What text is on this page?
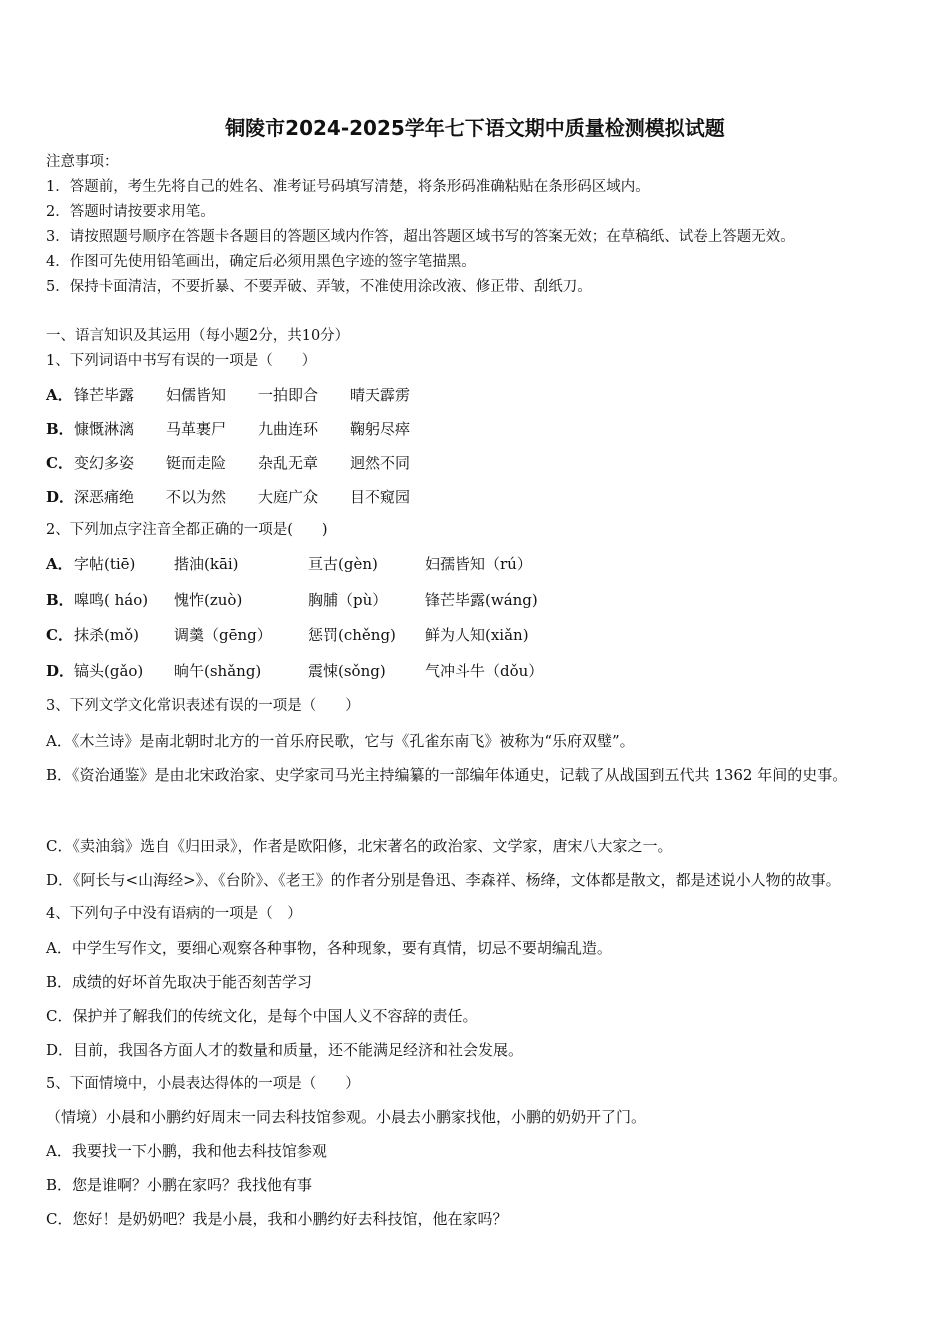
铜陵市2024-2025学年七下语文期中质量检测模拟试题
注意事项：
1．答题前，考生先将自己的姓名、准考证号码填写清楚，将条形码准确粘贴在条形码区域内。
2．答题时请按要求用笔。
3．请按照题号顺序在答题卡各题目的答题区域内作答，超出答题区域书写的答案无效；在草稿纸、试卷上答题无效。
4．作图可先使用铅笔画出，确定后必须用黑色字迹的签字笔描黑。
5．保持卡面清洁，不要折暴、不要弄破、弄皱，不准使用涂改液、修正带、刮纸刀。
一、语言知识及其运用（每小题2分，共10分）
1、下列词语中书写有误的一项是（　　）
A．锋芒毕露 妇儒皆知 一拍即合 晴天霹雳
B．慷慨淋漓 马革裹尸 九曲连环 鞠躬尽瘁
C．变幻多姿 铤而走险 杂乱无章 迥然不同
D．深恶痛绝 不以为然 大庭广众 目不窥园
2、下列加点字注音全都正确的一项是(　　)
A．字帖(tiē)	揩油(kāi)	亘古(gèn)	妇孺皆知（rú）
B．嗥鸣( háo) 愧怍(zuò)	胸脯（pù）	锋芒毕露(wáng)
C．抹杀(mǒ) 调羹（gēng） 惩罚(chěng) 鲜为人知(xiǎn)
D．镐头(gǎo) 晌午(shǎng)	震悚(sǒng)	气冲斗牛（dǒu）
3、下列文学文化常识表述有误的一项是（　　）
A．《木兰诗》是南北朝时北方的一首乐府民歌，它与《孔雀东南飞》被称为“乐府双璧”。
B．《资治通鉴》是由北宋政治家、史学家司马光主持编纂的一部编年体通史，记载了从战国到五代共 1362 年间的史事。
C．《卖油翁》选自《归田录》，作者是欧阳修，北宋著名的政治家、文学家，唐宋八大家之一。
D．《阿长与<山海经>》、《台阶》、《老王》的作者分别是鲁迅、李森祥、杨绛，文体都是散文，都是述说小人物的故事。
4、下列句子中没有语病的一项是（　）
A．中学生写作文，要细心观察各种事物，各种现象，要有真情，切忌不要胡编乱造。
B．成绩的好坏首先取决于能否刻苦学习
C．保护并了解我们的传统文化，是每个中国人义不容辞的责任。
D．目前，我国各方面人才的数量和质量，还不能满足经济和社会发展。
5、下面情境中，小晨表达得体的一项是（　　）
（情境）小晨和小鹏约好周末一同去科技馆参观。小晨去小鹏家找他，小鹏的奶奶开了门。
A．我要找一下小鹏，我和他去科技馆参观
B．您是谁啊？小鹏在家吗？我找他有事
C．您好！是奶奶吧？我是小晨，我和小鹏约好去科技馆，他在家吗？
